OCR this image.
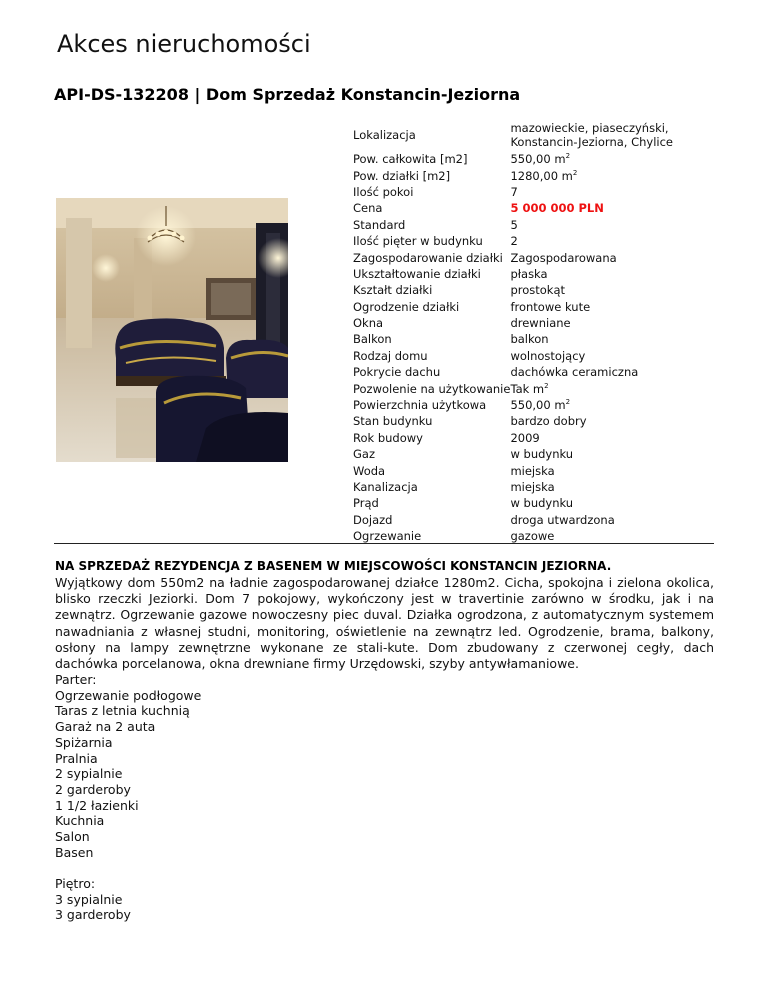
Akces nieruchomości
API-DS-132208 | Dom Sprzedaż Konstancin-Jeziorna
Lokalizacja	mazowieckie, piaseczyński, Konstancin-Jeziorna, Chylice
Pow. całkowita [m2]	550,00 $m^2$
Pow. działki [m2]	1280,00 $m^2$
Ilość pokoi	7
Cena	5 000 000 PLN
Standard	5
Ilość pięter w budynku	2
Zagospodarowanie działki	Zagospodarowana
Ukształtowanie działki	płaska
Kształt działki	prostokąt
Ogrodzenie działki	frontowe kute
Okna	drewniane
Balkon	balkon
Rodzaj domu	wolnostojący
Pokrycie dachu	dachówka ceramiczna
Pozwolenie na użytkowanie	Tak $m^2$
Powierzchnia użytkowa	550,00 $m^2$
Stan budynku	bardzo dobry
Rok budowy	2009
Gaz	w budynku
Woda	miejska
Kanalizacja	miejska
Prąd	w budynku
Dojazd	droga utwardzona
Ogrzewanie	gazowe
NA SPRZEDAŻ REZYDENCJA Z BASENEM W MIEJSCOWOŚCI KONSTANCIN JEZIORNA.
Wyjątkowy dom 550m2 na ładnie zagospodarowanej działce 1280m2. Cicha, spokojna i zielona okolica, blisko rzeczki Jeziorki. Dom 7 pokojowy, wykończony jest w travertinie zarówno w środku, jak i na zewnątrz. Ogrzewanie gazowe nowoczesny piec duval. Działka ogrodzona, z automatycznym systemem nawadniania z własnej studni, monitoring, oświetlenie na zewnątrz led. Ogrodzenie, brama, balkony, osłony na lampy zewnętrzne wykonane ze stali-kute. Dom zbudowany z czerwonej cegły, dach dachówka porcelanowa, okna drewniane firmy Urzędowski, szyby antywłamaniowe.
Parter:
Ogrzewanie podłogowe
Taras z letnia kuchnią
Garaż na 2 auta
Spiżarnia
Pralnia
2 sypialnie
2 garderoby
1 1/2 łazienki
Kuchnia
Salon
Basen
Piętro:
3 sypialnie
3 garderoby
